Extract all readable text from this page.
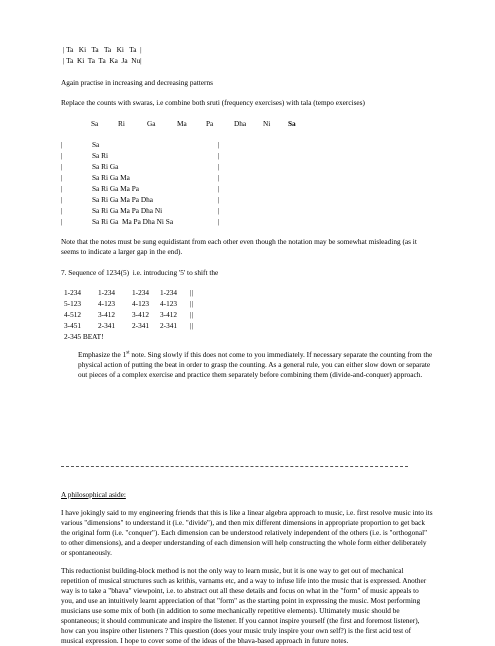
| Ta   Ki   Ta   Ta   Ki   Ta  |
| Ta  Ki  Ta  Ta  Ka  Ja  Nu|
Again practise in increasing and decreasing patterns
Replace the counts with swaras, i.e combine both sruti (frequency exercises) with tala (tempo exercises)
Sa	Ri	Ga	Ma	Pa	Dha Ni Sa
|	Sa	|
|	Sa Ri	|
|	Sa Ri Ga	|
|	Sa Ri Ga Ma	|
|	Sa Ri Ga Ma Pa	|
|	Sa Ri Ga Ma Pa Dha	|
|	Sa Ri Ga Ma Pa Dha Ni	|
|	Sa Ri Ga  Ma Pa Dha Ni Sa	|
Note that the notes must be sung equidistant from each other even though the notation may be somewhat misleading (as it seems to indicate a larger gap in the end).
7. Sequence of 1234(5)  i.e. introducing '5' to shift the
1-234 1-234 1-234 1-234 ||
5-123 4-123 4-123 4-123 ||
4-512 3-412 3-412 3-412 ||
3-451 2-341 2-341 2-341 ||
2-345 BEAT!
Emphasize the 1st note. Sing slowly if this does not come to you immediately. If necessary separate the counting from the physical action of putting the beat in order to grasp the counting. As a general rule, you can either slow down or separate out pieces of a complex exercise and practice them separately before combining them (divide-and-conquer) approach.
A philosophical aside:
I have jokingly said to my engineering friends that this is like a linear algebra approach to music, i.e. first resolve music into its various "dimensions" to understand it (i.e. "divide"), and then mix different dimensions in appropriate proportion to get back the original form (i.e. "conquer"). Each dimension can be understood relatively independent of the others (i.e. is "orthogonal" to other dimensions), and a deeper understanding of each dimension will help constructing the whole form either deliberately or spontaneously.
This reductionist building-block method is not the only way to learn music, but it is one way to get out of mechanical repetition of musical structures such as krithis, varnams etc, and a way to infuse life into the music that is expressed. Another way is to take a "bhava" viewpoint, i.e. to abstract out all these details and focus on what in the "form" of music appeals to you, and use an intuitively learnt appreciation of that "form" as the starting point in expressing the music. Most performing musicians use some mix of both (in addition to some mechanically repetitive elements). Ultimately music should be spontaneous; it should communicate and inspire the listener. If you cannot inspire yourself (the first and foremost listener), how can you inspire other listeners ? This question (does your music truly inspire your own self?) is the first acid test of musical expression. I hope to cover some of the ideas of the bhava-based approach in future notes.
